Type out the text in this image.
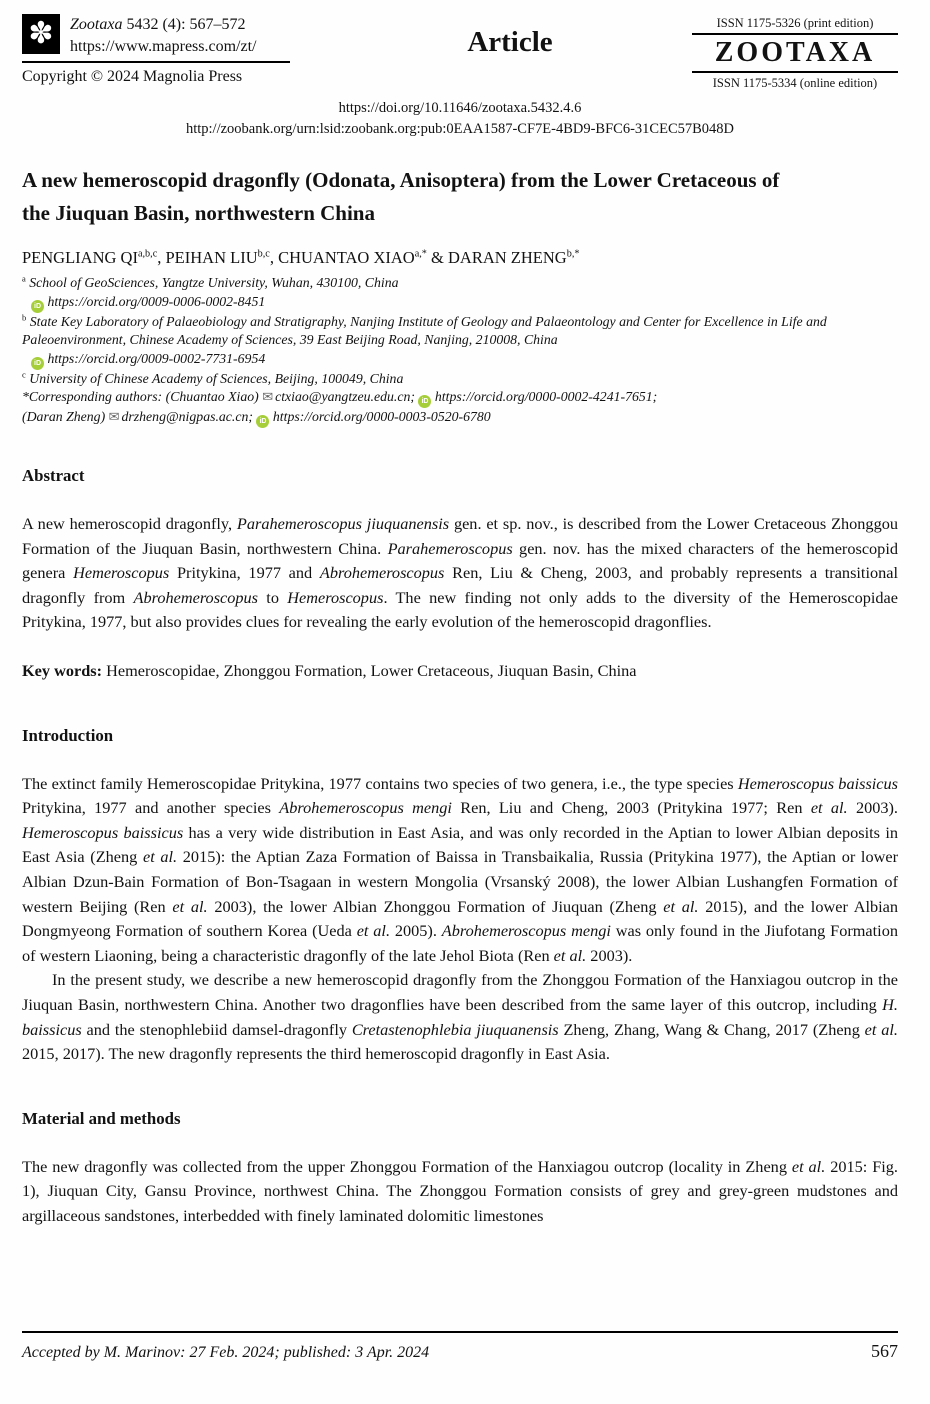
✽ Zootaxa 5432 (4): 567–572
https://www.mapress.com/zt/
Copyright © 2024 Magnolia Press
Article
ISSN 1175-5326 (print edition)
ZOOTAXA
ISSN 1175-5334 (online edition)
https://doi.org/10.11646/zootaxa.5432.4.6
http://zoobank.org/urn:lsid:zoobank.org:pub:0EAA1587-CF7E-4BD9-BFC6-31CEC57B048D
A new hemeroscopid dragonfly (Odonata, Anisoptera) from the Lower Cretaceous of the Jiuquan Basin, northwestern China
PENGLIANG QI$^{a,b,c}$, PEIHAN LIU$^{b,c}$, CHUANTAO $XIAO^{a,*}$ & DARAN $ZHENG^{b,*}$
$^a$ School of GeoSciences, Yangtze University, Wuhan, 430100, China
iD https://orcid.org/0009-0006-0002-8451
$^b$ State Key Laboratory of Palaeobiology and Stratigraphy, Nanjing Institute of Geology and Palaeontology and Center for Excellence in Life and Paleoenvironment, Chinese Academy of Sciences, 39 East Beijing Road, Nanjing, 210008, China
iD https://orcid.org/0009-0002-7731-6954
$^c$ University of Chinese Academy of Sciences, Beijing, 100049, China
*Corresponding authors: (Chuantao Xiao) ✉ ctxiao@yangtzeu.edu.cn; iD https://orcid.org/0000-0002-4241-7651;
(Daran Zheng) ✉ drzheng@nigpas.ac.cn; iD https://orcid.org/0000-0003-0520-6780
Abstract

A new hemeroscopid dragonfly, Parahemeroscopus jiuquanensis gen. et sp. nov., is described from the Lower Cretaceous Zhonggou Formation of the Jiuquan Basin, northwestern China. Parahemeroscopus gen. nov. has the mixed characters of the hemeroscopid genera Hemeroscopus Pritykina, 1977 and Abrohemeroscopus Ren, Liu & Cheng, 2003, and probably represents a transitional dragonfly from Abrohemeroscopus to Hemeroscopus. The new finding not only adds to the diversity of the Hemeroscopidae Pritykina, 1977, but also provides clues for revealing the early evolution of the hemeroscopid dragonflies.

Key words: Hemeroscopidae, Zhonggou Formation, Lower Cretaceous, Jiuquan Basin, China

Introduction

The extinct family Hemeroscopidae Pritykina, 1977 contains two species of two genera, i.e., the type species Hemeroscopus baissicus Pritykina, 1977 and another species Abrohemeroscopus mengi Ren, Liu and Cheng, 2003 (Pritykina 1977; Ren et al. 2003). Hemeroscopus baissicus has a very wide distribution in East Asia, and was only recorded in the Aptian to lower Albian deposits in East Asia (Zheng et al. 2015): the Aptian Zaza Formation of Baissa in Transbaikalia, Russia (Pritykina 1977), the Aptian or lower Albian Dzun-Bain Formation of Bon-Tsagaan in western Mongolia (Vrsanský 2008), the lower Albian Lushangfen Formation of western Beijing (Ren et al. 2003), the lower Albian Zhonggou Formation of Jiuquan (Zheng et al. 2015), and the lower Albian Dongmyeong Formation of southern Korea (Ueda et al. 2005). Abrohemeroscopus mengi was only found in the Jiufotang Formation of western Liaoning, being a characteristic dragonfly of the late Jehol Biota (Ren et al. 2003).

In the present study, we describe a new hemeroscopid dragonfly from the Zhonggou Formation of the Hanxiagou outcrop in the Jiuquan Basin, northwestern China. Another two dragonflies have been described from the same layer of this outcrop, including H. baissicus and the stenophlebiid damsel-dragonfly Cretastenophlebia jiuquanensis Zheng, Zhang, Wang & Chang, 2017 (Zheng et al. 2015, 2017). The new dragonfly represents the third hemeroscopid dragonfly in East Asia.

Material and methods

The new dragonfly was collected from the upper Zhonggou Formation of the Hanxiagou outcrop (locality in Zheng et al. 2015: Fig. 1), Jiuquan City, Gansu Province, northwest China. The Zhonggou Formation consists of grey and grey-green mudstones and argillaceous sandstones, interbedded with finely laminated dolomitic limestones

Accepted by M. Marinov: 27 Feb. 2024; published: 3 Apr. 2024	567
